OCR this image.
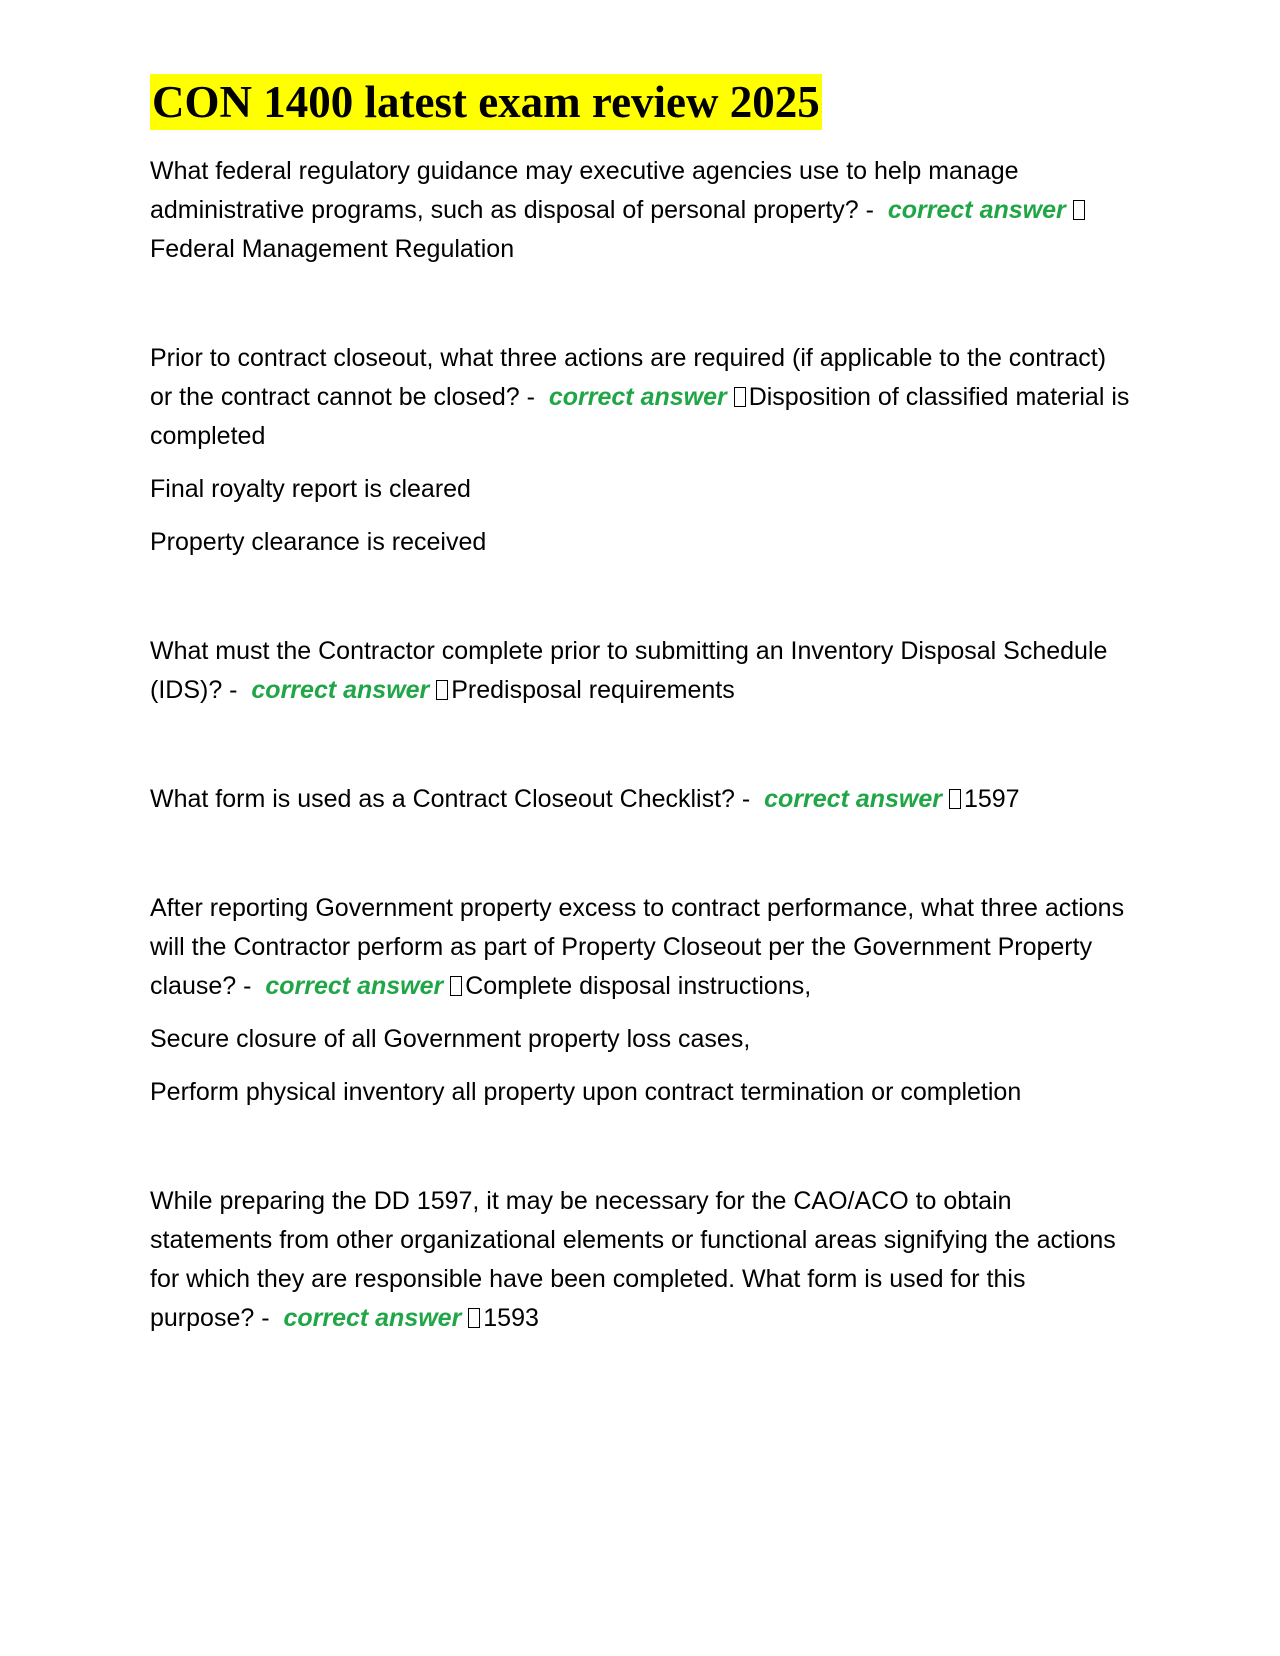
CON 1400 latest exam review 2025

What federal regulatory guidance may executive agencies use to help manage administrative programs, such as disposal of personal property? - correct answer Federal Management Regulation

Prior to contract closeout, what three actions are required (if applicable to the contract) or the contract cannot be closed? - correct answer Disposition of classified material is completed

Final royalty report is cleared

Property clearance is received

What must the Contractor complete prior to submitting an Inventory Disposal Schedule (IDS)? - correct answer Predisposal requirements

What form is used as a Contract Closeout Checklist? - correct answer 1597

After reporting Government property excess to contract performance, what three actions will the Contractor perform as part of Property Closeout per the Government Property clause? - correct answer Complete disposal instructions,

Secure closure of all Government property loss cases,

Perform physical inventory all property upon contract termination or completion

While preparing the DD 1597, it may be necessary for the CAO/ACO to obtain statements from other organizational elements or functional areas signifying the actions for which they are responsible have been completed. What form is used for this purpose? - correct answer 1593
